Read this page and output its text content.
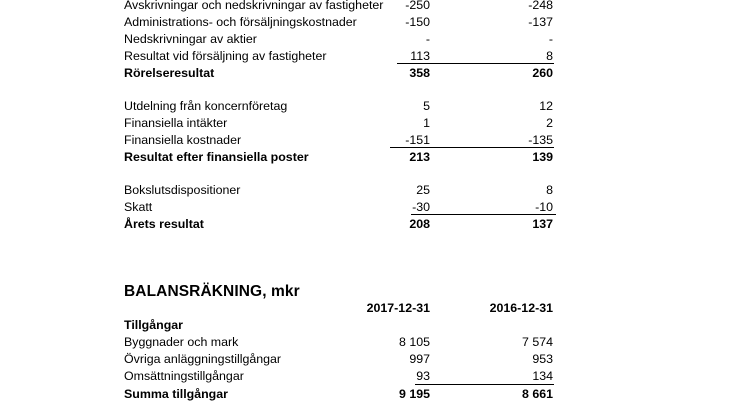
Avskrivningar och nedskrivningar av fastigheter -250	-248
Administrations- och försäljningskostnader	-150	-137
Nedskrivningar av aktier	-	-
Resultat vid försäljning av fastigheter	113	8
Rörelseresultat	358	260
Utdelning från koncernföretag	5	12
Finansiella intäkter	1	2
Finansiella kostnader	-151	-135
Resultat efter finansiella poster	213	139
Bokslutsdispositioner	25	8
Skatt	-30	-10
Årets resultat	208	137
BALANSRÄKNING, mkr
2017-12-31	2016-12-31
Tillgångar
Byggnader och mark	8 105	7 574
Övriga anläggningstillgångar	997	953
Omsättningstillgångar	93	134
Summa tillgångar	9 195	8 661
